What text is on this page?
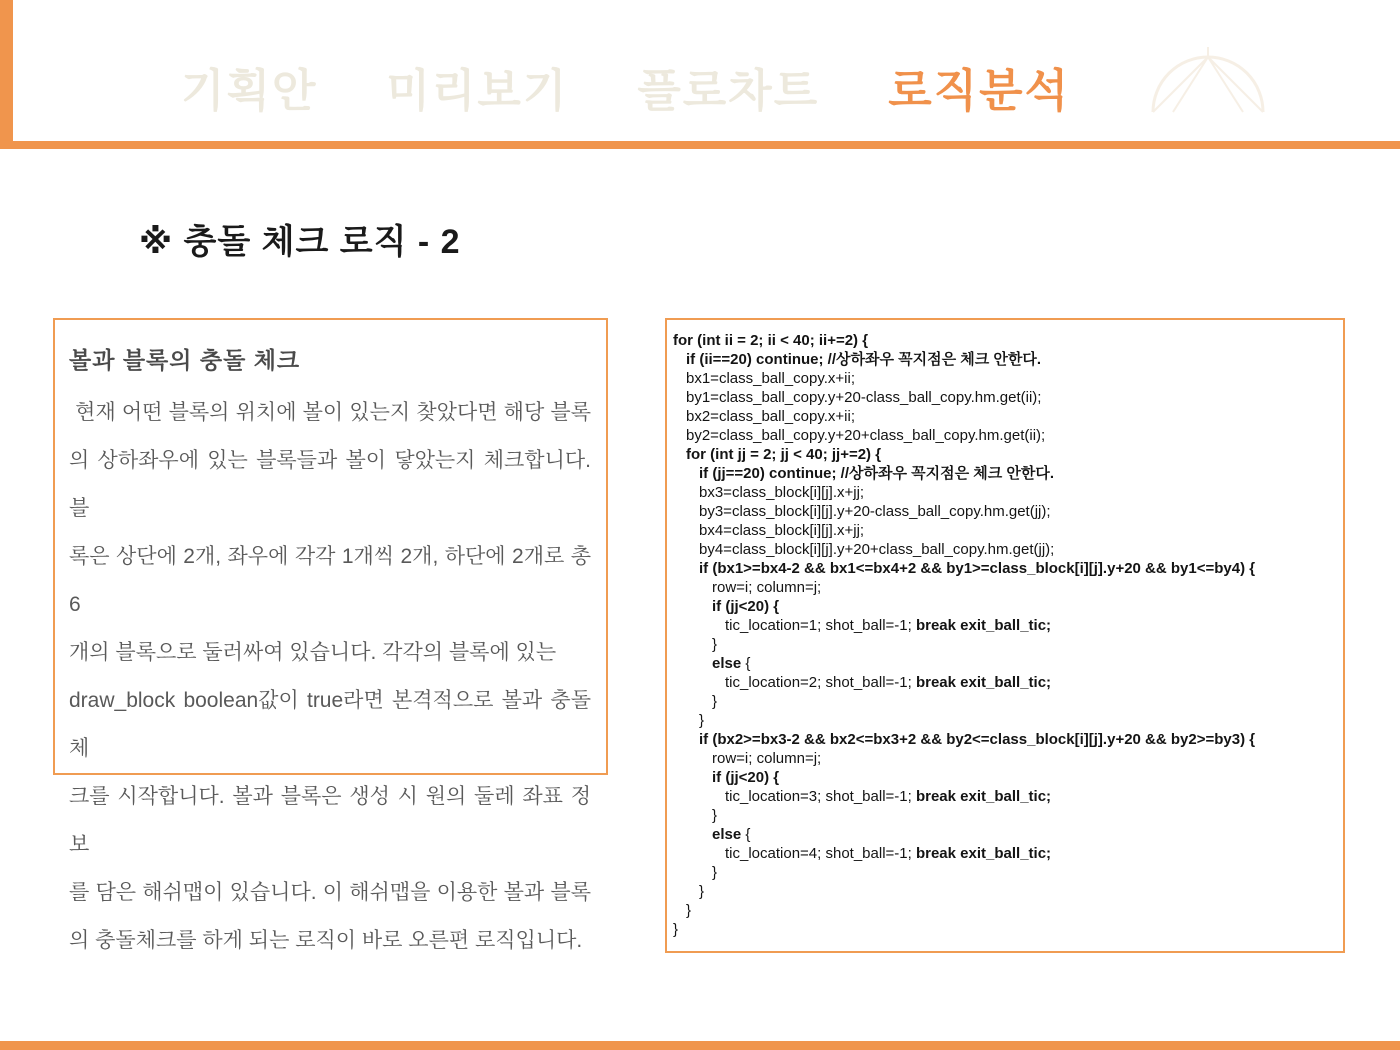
기획안 미리보기 플로차트 로직분석
※ 충돌 체크 로직 - 2
볼과 블록의 충돌 체크
현재 어떤 블록의 위치에 볼이 있는지 찾았다면 해당 블록
의 상하좌우에 있는 블록들과 볼이 닿았는지 체크합니다. 블
록은 상단에 2개, 좌우에 각각 1개씩 2개, 하단에 2개로 총 6
개의 블록으로 둘러싸여 있습니다. 각각의 블록에 있는
draw_block boolean값이 true라면 본격적으로 볼과 충돌체
크를 시작합니다. 볼과 블록은 생성 시 원의 둘레 좌표 정보
를 담은 해쉬맵이 있습니다. 이 해쉬맵을 이용한 볼과 블록
의 충돌체크를 하게 되는 로직이 바로 오른편 로직입니다.
for (int ii = 2; ii < 40; ii+=2) {
if (ii==20) continue; //상하좌우 꼭지점은 체크 안한다.
bx1=class_ball_copy.x+ii;
by1=class_ball_copy.y+20-class_ball_copy.hm.get(ii);
bx2=class_ball_copy.x+ii;
by2=class_ball_copy.y+20+class_ball_copy.hm.get(ii);
for (int jj = 2; jj < 40; jj+=2) {
if (jj==20) continue; //상하좌우 꼭지점은 체크 안한다.
bx3=class_block[i][j].x+jj;
by3=class_block[i][j].y+20-class_ball_copy.hm.get(jj);
bx4=class_block[i][j].x+jj;
by4=class_block[i][j].y+20+class_ball_copy.hm.get(jj);
if (bx1>=bx4-2 && bx1<=bx4+2 && by1>=class_block[i][j].y+20 && by1<=by4) {
row=i; column=j;
if (jj<20) {
tic_location=1; shot_ball=-1; break exit_ball_tic;
}
else {
tic_location=2; shot_ball=-1; break exit_ball_tic;
}
}
if (bx2>=bx3-2 && bx2<=bx3+2 && by2<=class_block[i][j].y+20 && by2>=by3) {
row=i; column=j;
if (jj<20) {
tic_location=3; shot_ball=-1; break exit_ball_tic;
}
else {
tic_location=4; shot_ball=-1; break exit_ball_tic;
}
}
}
}
